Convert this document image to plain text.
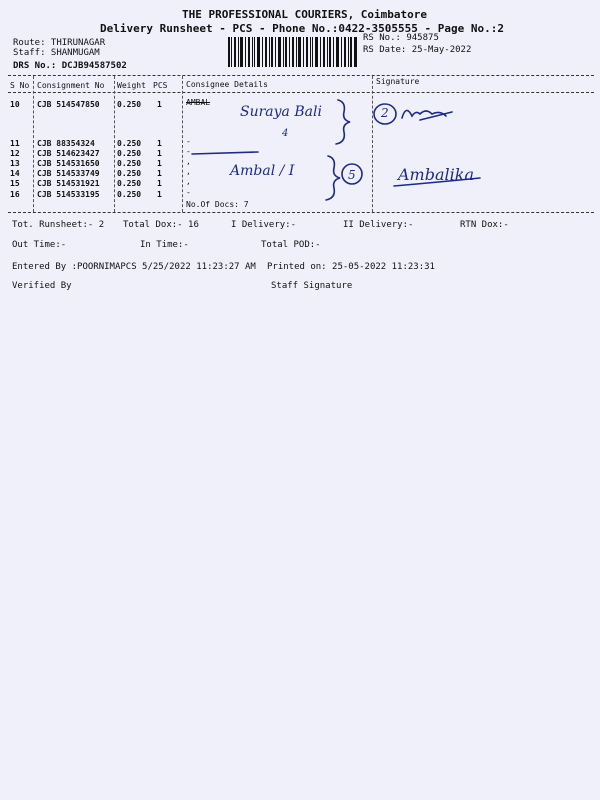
THE PROFESSIONAL COURIERS, Coimbatore
Delivery Runsheet - PCS - Phone No.:0422-3505555 - Page No.:2
Route: THIRUNAGAR
Staff: SHANMUGAM
DRS No.: DCJB94587502
RS No.: 945875
RS Date: 25-May-2022
S No Consignment No Weight PCS Consignee Details	Signature
10 CJB 514547850 0.250 1	AMBAL
11 CJB 88354324	0.250 1	-
12 CJB 514623427 0.250 1	-
13 CJB 514531650 0.250 1	,
14 CJB 514533749 0.250 1	,
15 CJB 514531921 0.250 1	,
16 CJB 514533195 0.250 1	-
No.Of Docs: 7
Suraya Bali
4
2
Ambal / I	5	Ambalika
Tot. Runsheet:- 2 Total Dox:- 16	I Delivery:-	II Delivery:-	RTN Dox:-
Out Time:-	In Time:-	Total POD:-
Entered By :POORNIMAPCS 5/25/2022 11:23:27 AM Printed on: 25-05-2022 11:23:31
Verified By	Staff Signature
